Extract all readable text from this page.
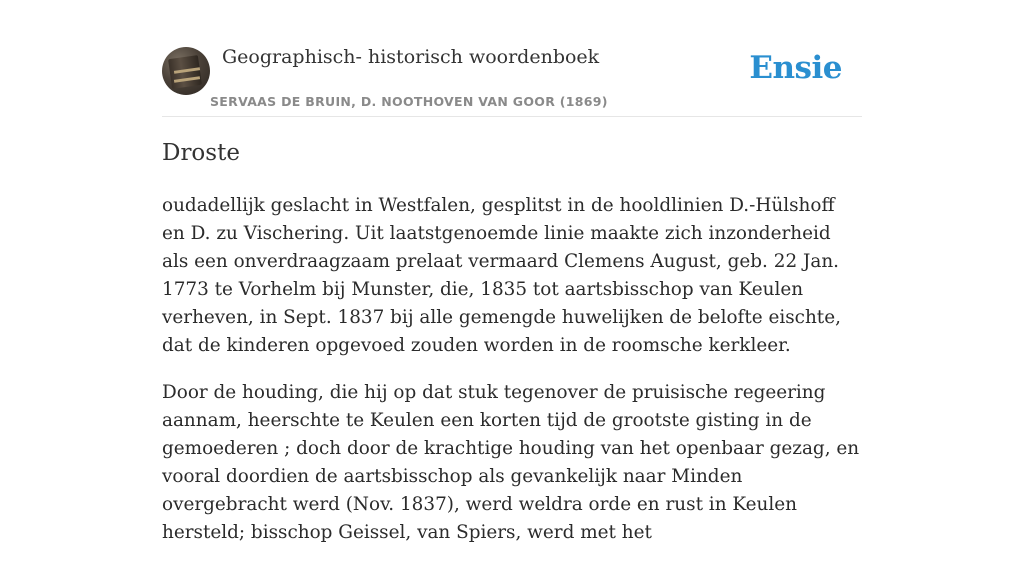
Geographisch- historisch woordenboek
SERVAAS DE BRUIN, D. NOOTHOVEN VAN GOOR (1869)
Ensie
Droste

oudadellijk geslacht in Westfalen, gesplitst in de hooldlinien D.-Hülshoff en D. zu Vischering. Uit laatstgenoemde linie maakte zich inzonderheid als een onverdraagzaam prelaat vermaard Clemens August, geb. 22 Jan. 1773 te Vorhelm bij Munster, die, 1835 tot aartsbisschop van Keulen verheven, in Sept. 1837 bij alle gemengde huwelijken de belofte eischte, dat de kinderen opgevoed zouden worden in de roomsche kerkleer.

Door de houding, die hij op dat stuk tegenover de pruisische regeering aannam, heerschte te Keulen een korten tijd de grootste gisting in de gemoederen ; doch door de krachtige houding van het openbaar gezag, en vooral doordien de aartsbisschop als gevankelijk naar Minden overgebracht werd (Nov. 1837), werd weldra orde en rust in Keulen hersteld; bisschop Geissel, van Spiers, werd met het
